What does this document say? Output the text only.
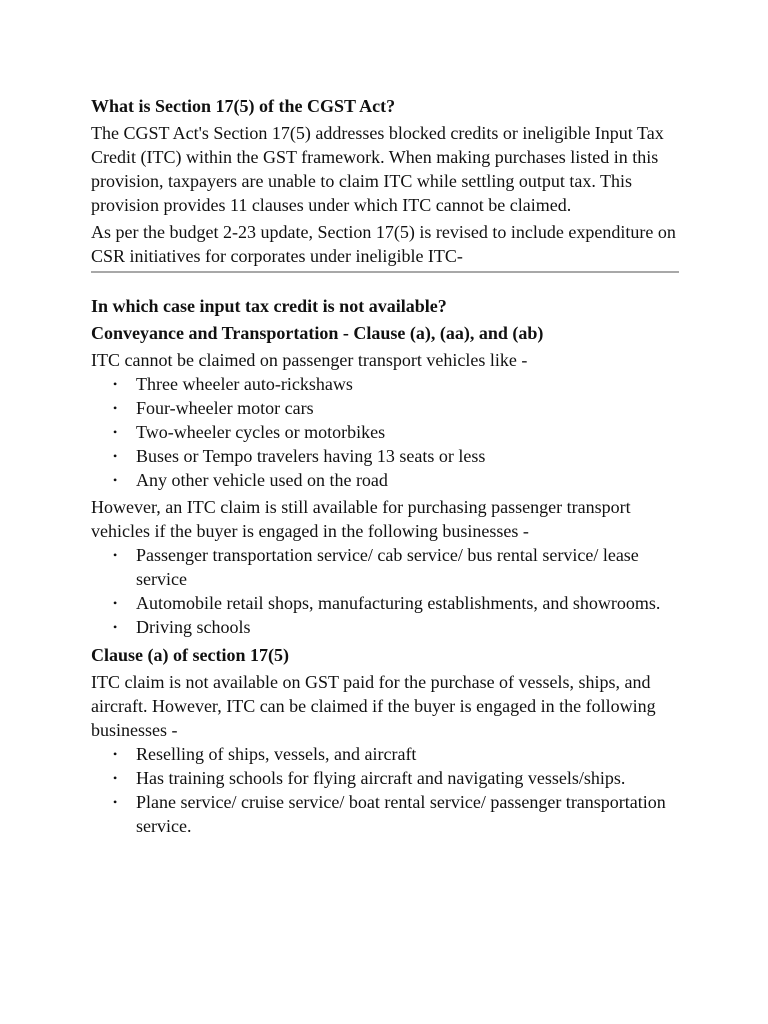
What is Section 17(5) of the CGST Act?

The CGST Act's Section 17(5) addresses blocked credits or ineligible Input Tax Credit (ITC) within the GST framework. When making purchases listed in this provision, taxpayers are unable to claim ITC while settling output tax. This provision provides 11 clauses under which ITC cannot be claimed.

As per the budget 2-23 update, Section 17(5) is revised to include expenditure on CSR initiatives for corporates under ineligible ITC-

In which case input tax credit is not available?
Conveyance and Transportation - Clause (a), (aa), and (ab)

ITC cannot be claimed on passenger transport vehicles like -

• Three wheeler auto-rickshaws
• Four-wheeler motor cars
• Two-wheeler cycles or motorbikes
• Buses or Tempo travelers having 13 seats or less
• Any other vehicle used on the road

However, an ITC claim is still available for purchasing passenger transport vehicles if the buyer is engaged in the following businesses -

• Passenger transportation service/ cab service/ bus rental service/ lease service
• Automobile retail shops, manufacturing establishments, and showrooms.
• Driving schools
Clause (a) of section 17(5)

ITC claim is not available on GST paid for the purchase of vessels, ships, and aircraft. However, ITC can be claimed if the buyer is engaged in the following businesses -

• Reselling of ships, vessels, and aircraft
• Has training schools for flying aircraft and navigating vessels/ships.
• Plane service/ cruise service/ boat rental service/ passenger transportation service.
